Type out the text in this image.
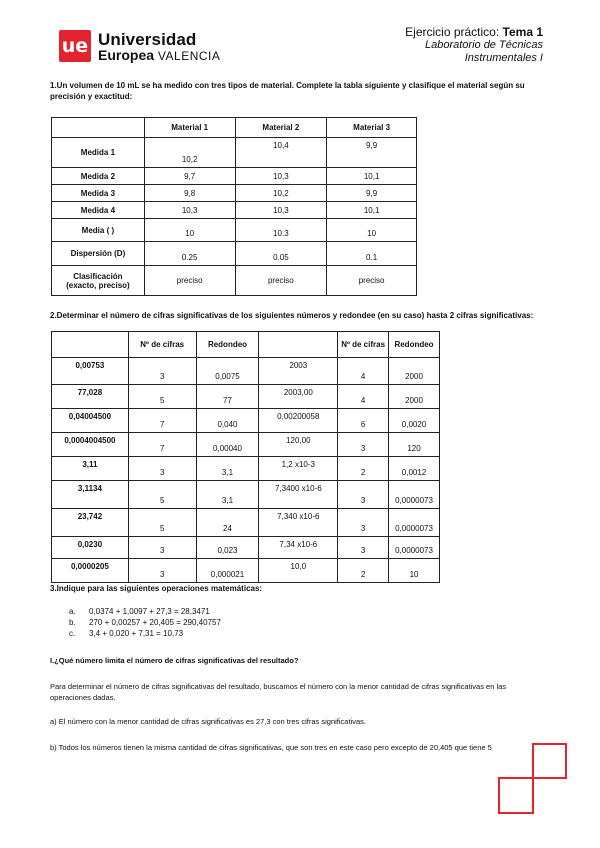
ue Universidad
Europea VALENCIA
Ejercicio práctico: Tema 1
Laboratorio de Técnicas
Instrumentales I
1.Un volumen de 10 mL se ha medido con tres tipos de material. Complete la tabla siguiente y clasifique el material según su precisión y exactitud:
	Material 1	Material 2	Material 3
Medida 1	10,2	10,4	9,9
Medida 2	9,7	10,3	10,1
Medida 3	9,8	10,2	9,9
Medida 4	10,3	10,3	10,1
Media ( )	10	10.3	10
Dispersión (D)	0.25	0.05	0.1
Clasificación
(exacto, preciso)	preciso	preciso	preciso
2.Determinar el número de cifras significativas de los siguientes números y redondee (en su caso) hasta 2 cifras significativas:
	Nº de cifras	Redondeo		Nº de cifras	Redondeo
0,00753	3	0,0075	2003	4	2000
77,028	5	77	2003,00	4	2000
0,04004500	7	0,040	0,00200058	6	0,0020
0,0004004500	7	0,00040	120,00	3	120
3,11	3	3,1	1,2 x10-3	2	0,0012
3,1134	5	3,1	7,3400 x10-6	3	0,0000073
23,742	5	24	7,340 x10-6	3	0,0000073
0,0230	3	0,023	7,34 x10-6	3	0,0000073
0,0000205	3	0,000021	10,0	2	10
3.Indique para las siguientes operaciones matemáticas:
a.	0,0374 + 1,0097 + 27,3 = 28,3471
b.	270 + 0,00257 + 20,405 = 290,40757
c.	3,4 + 0,020 + 7,31 = 10,73
I.¿Qué número limita el número de cifras significativas del resultado?
Para determinar el número de cifras significativas del resultado, buscamos el número con la menor cantidad de cifras significativas en las operaciones dadas.
a) El número con la menor cantidad de cifras significativas es 27,3 con tres cifras significativas.
b) Todos los números tienen la misma cantidad de cifras significativas, que son tres en este caso pero excepto de 20,405 que tiene 5
